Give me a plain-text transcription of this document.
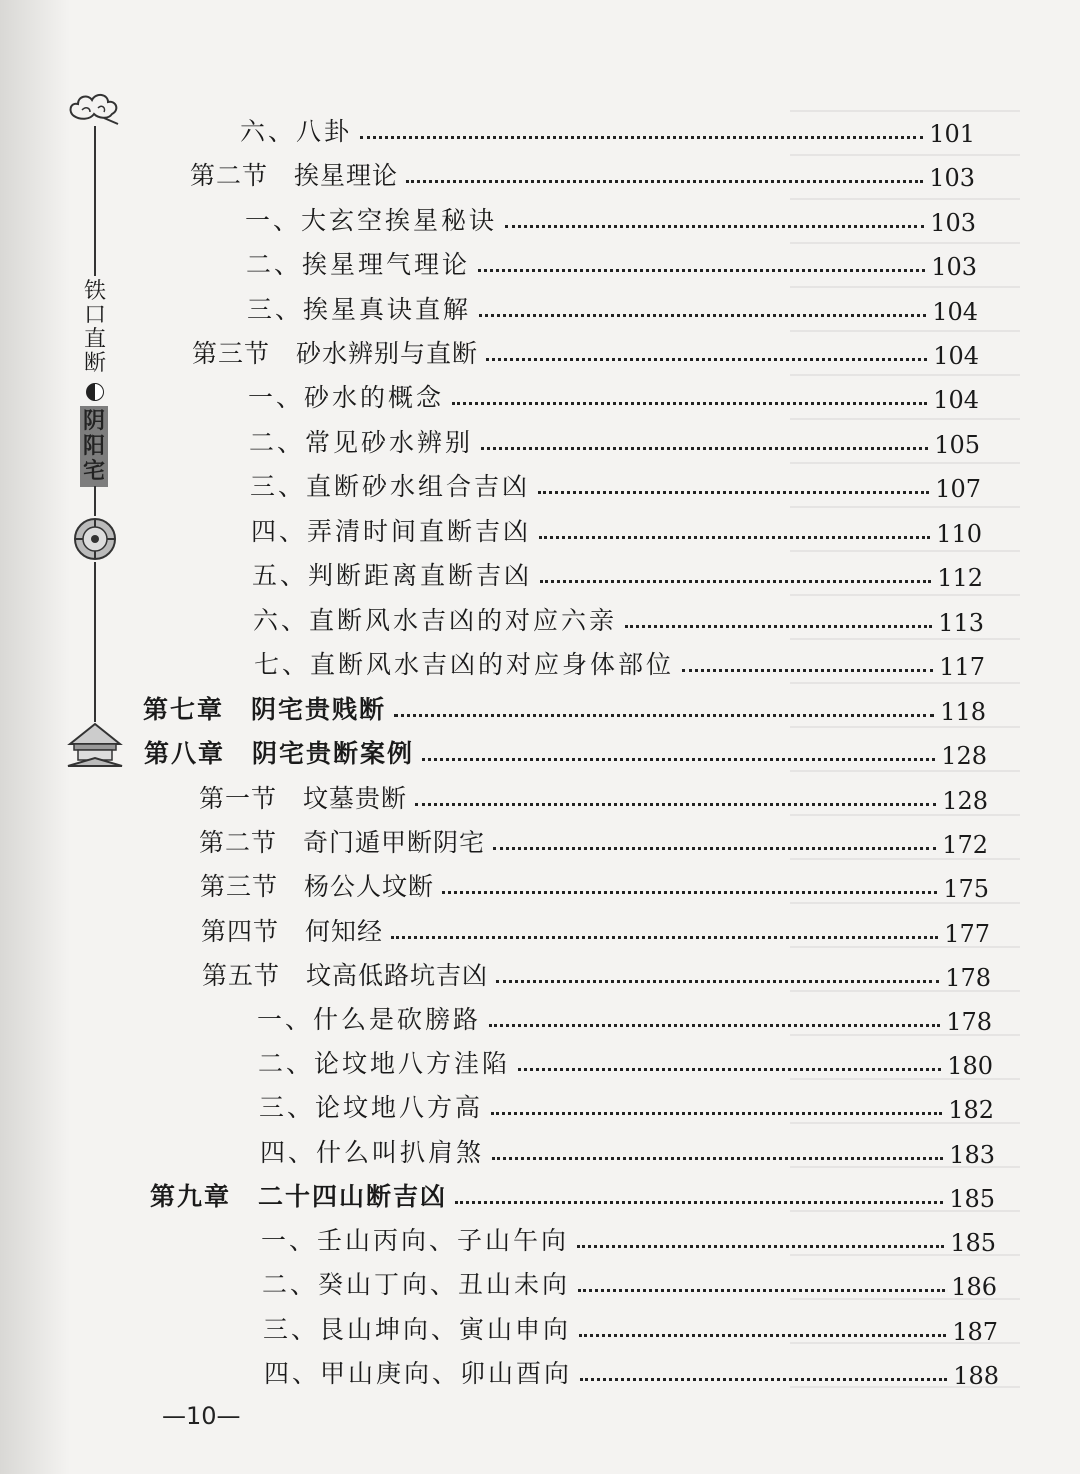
铁口直断
阴阳宅
六、八卦	101
第二节　挨星理论	103
一、大玄空挨星秘诀	103
二、挨星理气理论	103
三、挨星真诀直解	104
第三节　砂水辨别与直断	104
一、砂水的概念	104
二、常见砂水辨别	105
三、直断砂水组合吉凶	107
四、弄清时间直断吉凶	110
五、判断距离直断吉凶	112
六、直断风水吉凶的对应六亲	113
七、直断风水吉凶的对应身体部位	117
第七章　阴宅贵贱断	118
第八章　阴宅贵断案例	128
第一节　坟墓贵断	128
第二节　奇门遁甲断阴宅	172
第三节　杨公人坟断	175
第四节　何知经	177
第五节　坟高低路坑吉凶	178
一、什么是砍膀路	178
二、论坟地八方洼陷	180
三、论坟地八方高	182
四、什么叫扒肩煞	183
第九章　二十四山断吉凶	185
一、壬山丙向、子山午向	185
二、癸山丁向、丑山未向	186
三、艮山坤向、寅山申向	187
四、甲山庚向、卯山酉向	188
—10—
